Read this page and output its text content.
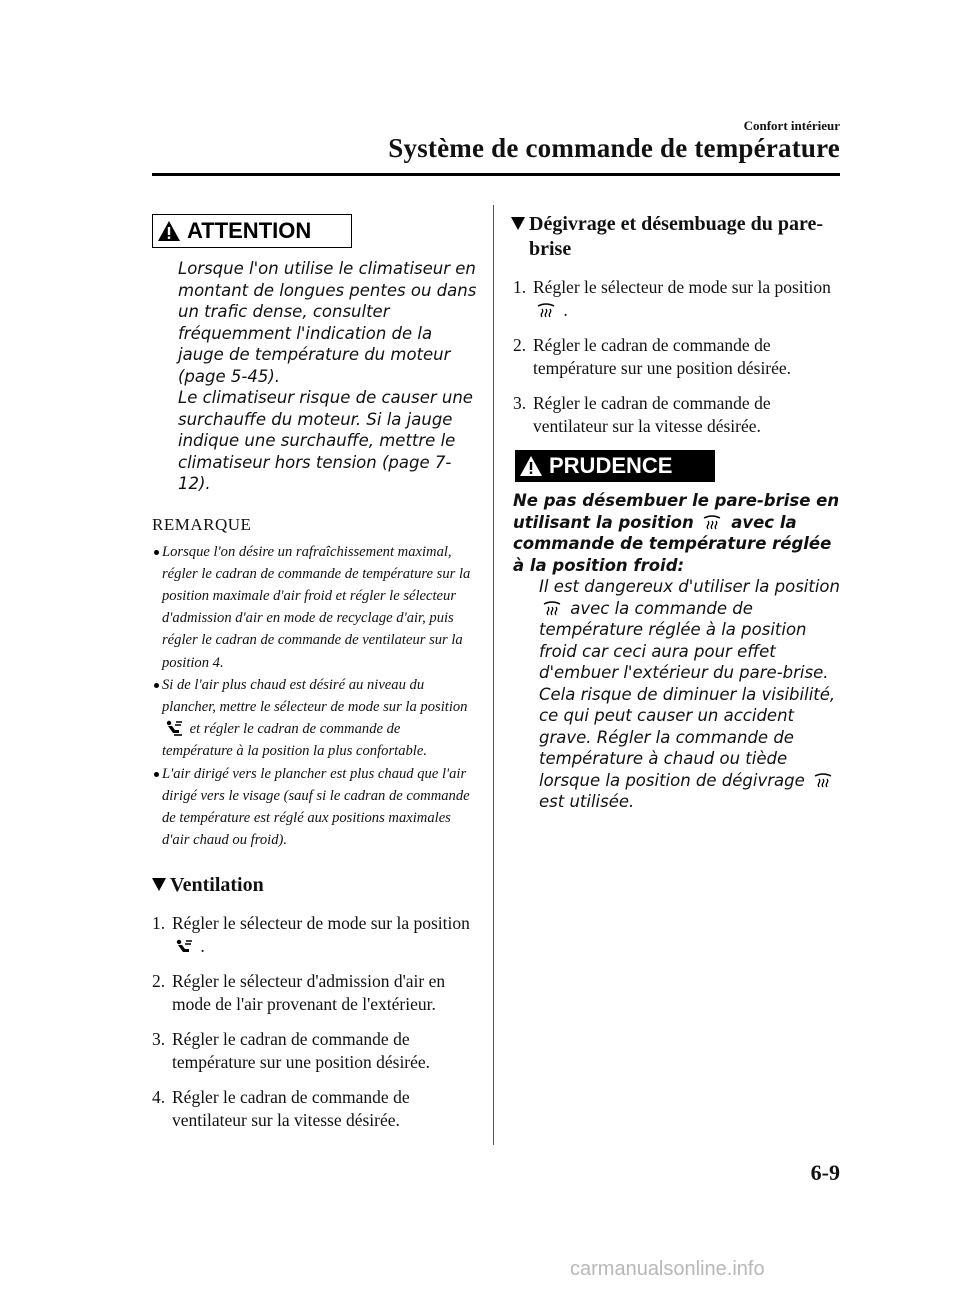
Confort intérieur
Système de commande de température
ATTENTION

Lorsque l'on utilise le climatiseur en montant de longues pentes ou dans un trafic dense, consulter fréquemment l'indication de la jauge de température du moteur (page 5-45).

Le climatiseur risque de causer une surchauffe du moteur. Si la jauge indique une surchauffe, mettre le climatiseur hors tension (page 7-12).

REMARQUE
Lorsque l'on désire un rafraîchissement maximal, régler le cadran de commande de température sur la position maximale d'air froid et régler le sélecteur d'admission d'air en mode de recyclage d'air, puis régler le cadran de commande de ventilateur sur la position 4.
Si de l'air plus chaud est désiré au niveau du plancher, mettre le sélecteur de mode sur la position  et régler le cadran de commande de température à la position la plus confortable.
L'air dirigé vers le plancher est plus chaud que l'air dirigé vers le visage (sauf si le cadran de commande de température est réglé aux positions maximales d'air chaud ou froid).
Ventilation
1. Régler le sélecteur de mode sur la position  .
2. Régler le sélecteur d'admission d'air en mode de l'air provenant de l'extérieur.
3. Régler le cadran de commande de température sur une position désirée.
4. Régler le cadran de commande de ventilateur sur la vitesse désirée.
Dégivrage et désembuage du pare-brise
1. Régler le sélecteur de mode sur la position  .
2. Régler le cadran de commande de température sur une position désirée.
3. Régler le cadran de commande de ventilateur sur la vitesse désirée.
PRUDENCE
Ne pas désembuer le pare-brise en utilisant la position avec la commande de température réglée à la position froid:
Il est dangereux d'utiliser la position  avec la commande de température réglée à la position froid car ceci aura pour effet d'embuer l'extérieur du pare-brise. Cela risque de diminuer la visibilité, ce qui peut causer un accident grave. Régler la commande de température à chaud ou tiède lorsque la position de dégivrage  est utilisée.
6-9
carmanualsonline.info
